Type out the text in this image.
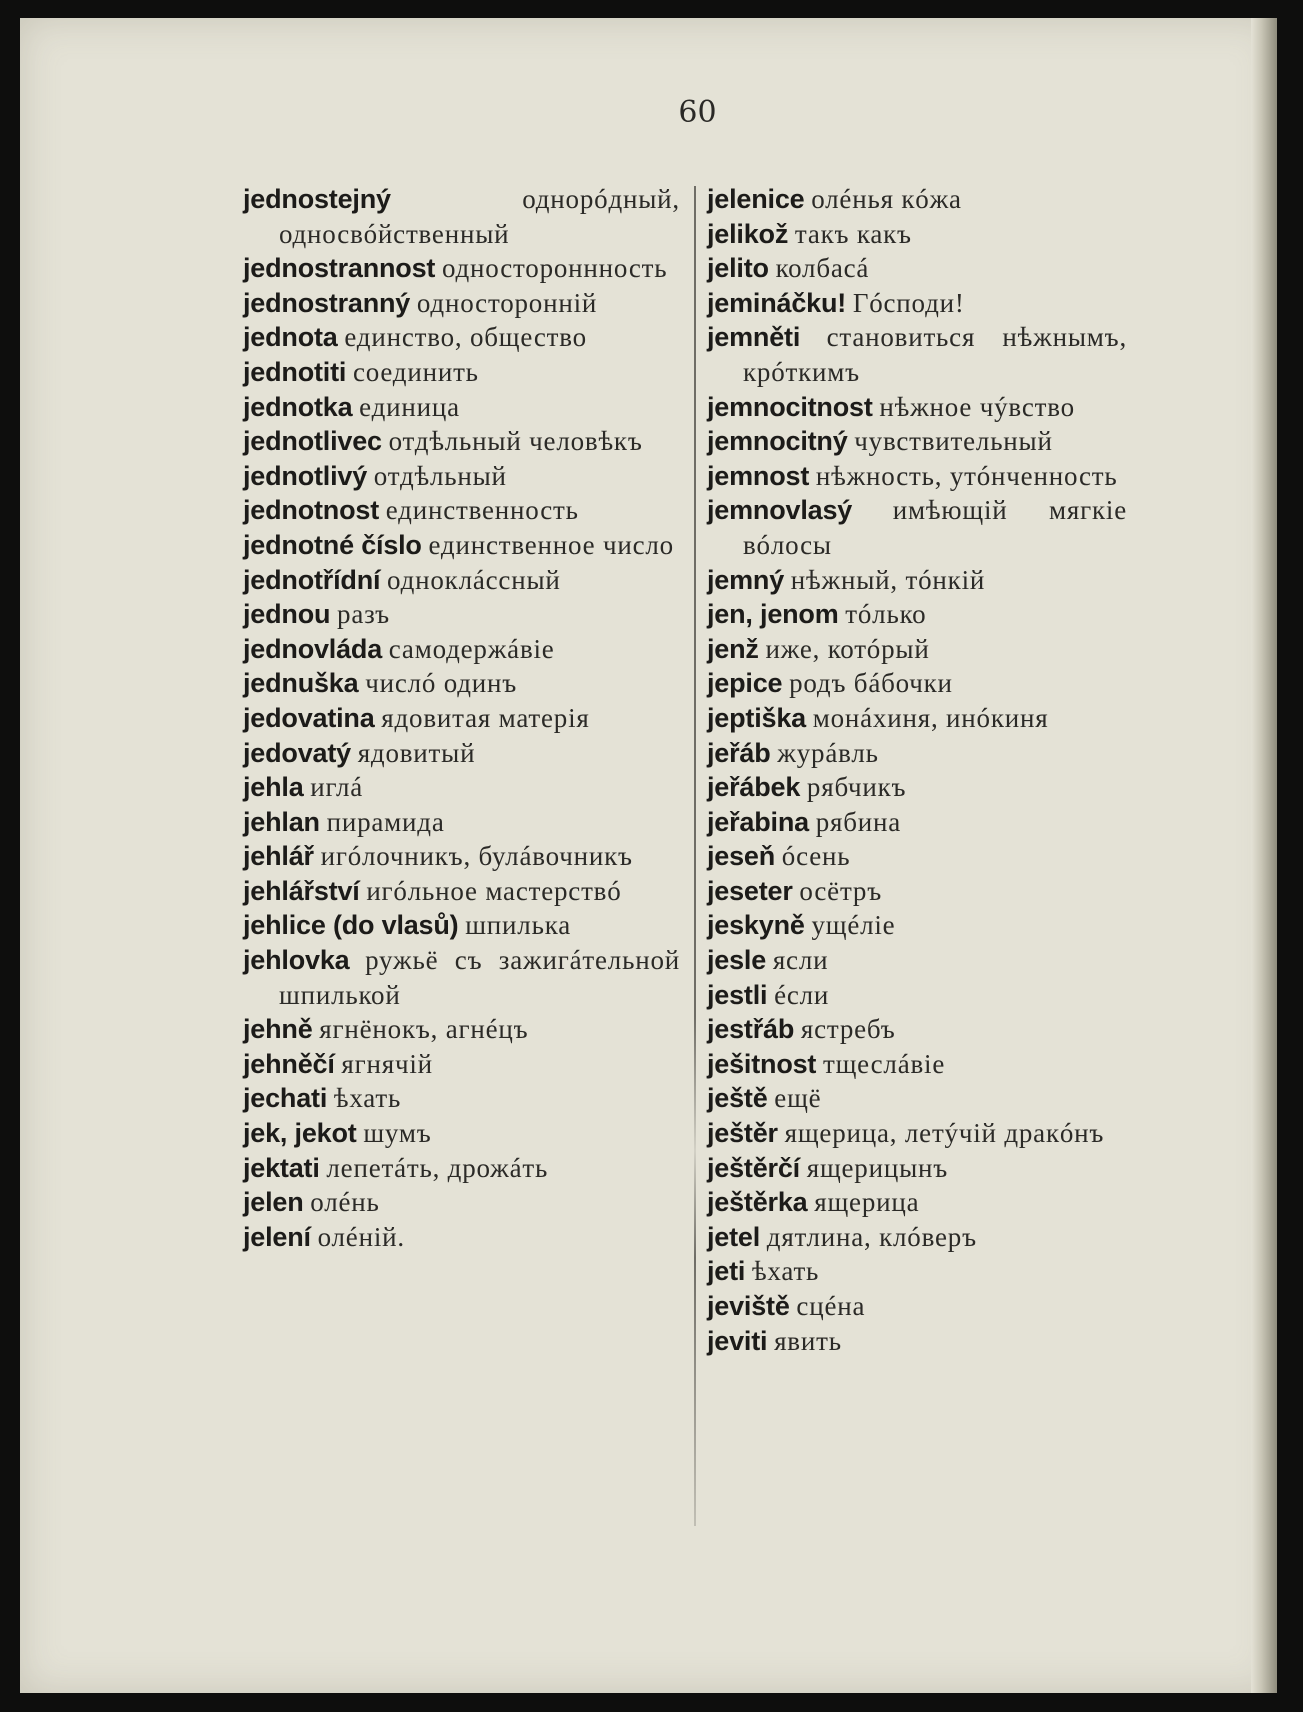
60
jednostejný	однорóдный, односвóйственный
jednostrannost одностороннность
jednostranný одностороннiй
jednota единство, общество
jednotiti соединить
jednotka единица
jednotlivec отдѣльный человѣкъ
jednotlivý отдѣльный
jednotnost единственность
jednotné číslo единственное число
jednotřídní одноклáссный
jednou разъ
jednovláda самодержáвiе
jednuška числó одинъ
jedovatina ядовитая матерiя
jedovatý ядовитый
jehla иглá
jehlan пирамида
jehlář игóлочникъ, булáвочникъ
jehlářství игóльное мастерствó
jehlice (do vlasů) шпилька
jehlovka ружьё съ зажигáтельной шпилькой
jehně ягнёнокъ, агнéцъ
jehněčí ягнячiй
jechati ѣхать
jek, jekot шумъ
jektati лепетáть, дрожáть
jelen олéнь
jelení олéнiй.
jelenice олéнья кóжа
jelikož такъ какъ
jelito колбасá
jemináčku! Гóсподи!
jemněti становиться нѣжнымъ, крóткимъ
jemnocitnost нѣжное чýвство
jemnocitný чувствительный
jemnost нѣжность, утóнченность
jemnovlasý имѣющiй мягкiе вóлосы
jemný нѣжный, тóнкiй
jen, jenom тóлько
jenž иже, котóрый
jepice родъ бáбочки
jeptiška монáхиня, инóкиня
jeřáb журáвль
jeřábek рябчикъ
jeřabina рябина
jeseň óсень
jeseter осётръ
jeskyně ущéлiе
jesle ясли
jestli éсли
jestřáb ястребъ
ješitnost тщеслáвiе
ještě ещё
ještěr ящерица, летýчiй дракóнъ
ještěrčí ящерицынъ
ještěrka ящерица
jetel дятлина, клóверъ
jeti ѣхать
jeviště сцéна
jeviti явить
